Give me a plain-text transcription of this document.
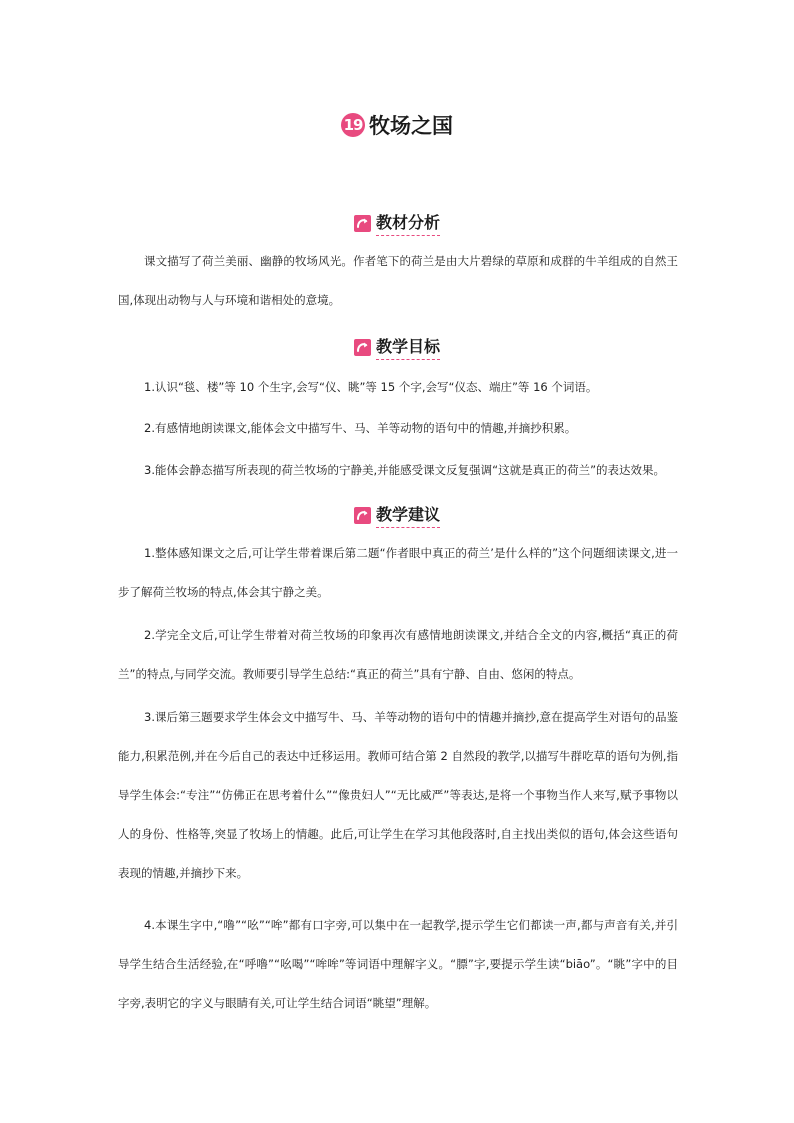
19 牧场之国
教材分析

课文描写了荷兰美丽、幽静的牧场风光。作者笔下的荷兰是由大片碧绿的草原和成群的牛羊组成的自然王国,体现出动物与人与环境和谐相处的意境。

教学目标

1.认识“毯、楼”等 10 个生字,会写“仪、眺”等 15 个字,会写“仪态、端庄”等 16 个词语。

2.有感情地朗读课文,能体会文中描写牛、马、羊等动物的语句中的情趣,并摘抄积累。

3.能体会静态描写所表现的荷兰牧场的宁静美,并能感受课文反复强调“这就是真正的荷兰”的表达效果。

教学建议

1.整体感知课文之后,可让学生带着课后第二题“作者眼中真正的荷兰’是什么样的”这个问题细读课文,进一步了解荷兰牧场的特点,体会其宁静之美。

2.学完全文后,可让学生带着对荷兰牧场的印象再次有感情地朗读课文,并结合全文的内容,概括“真正的荷兰”的特点,与同学交流。教师要引导学生总结:“真正的荷兰”具有宁静、自由、悠闲的特点。

3.课后第三题要求学生体会文中描写牛、马、羊等动物的语句中的情趣并摘抄,意在提高学生对语句的品鉴能力,积累范例,并在今后自己的表达中迁移运用。教师可结合第 2 自然段的教学,以描写牛群吃草的语句为例,指导学生体会:“专注”“仿佛正在思考着什么”“像贵妇人”“无比威严”等表达,是将一个事物当作人来写,赋予事物以人的身份、性格等,突显了牧场上的情趣。此后,可让学生在学习其他段落时,自主找出类似的语句,体会这些语句表现的情趣,并摘抄下来。

4.本课生字中,“噜”“吆”“哞”都有口字旁,可以集中在一起教学,提示学生它们都读一声,都与声音有关,并引导学生结合生活经验,在“呼噜”“吆喝”“哞哞”等词语中理解字义。“膘”字,要提示学生读“biāo”。“眺”字中的目字旁,表明它的字义与眼睛有关,可让学生结合词语“眺望”理解。
